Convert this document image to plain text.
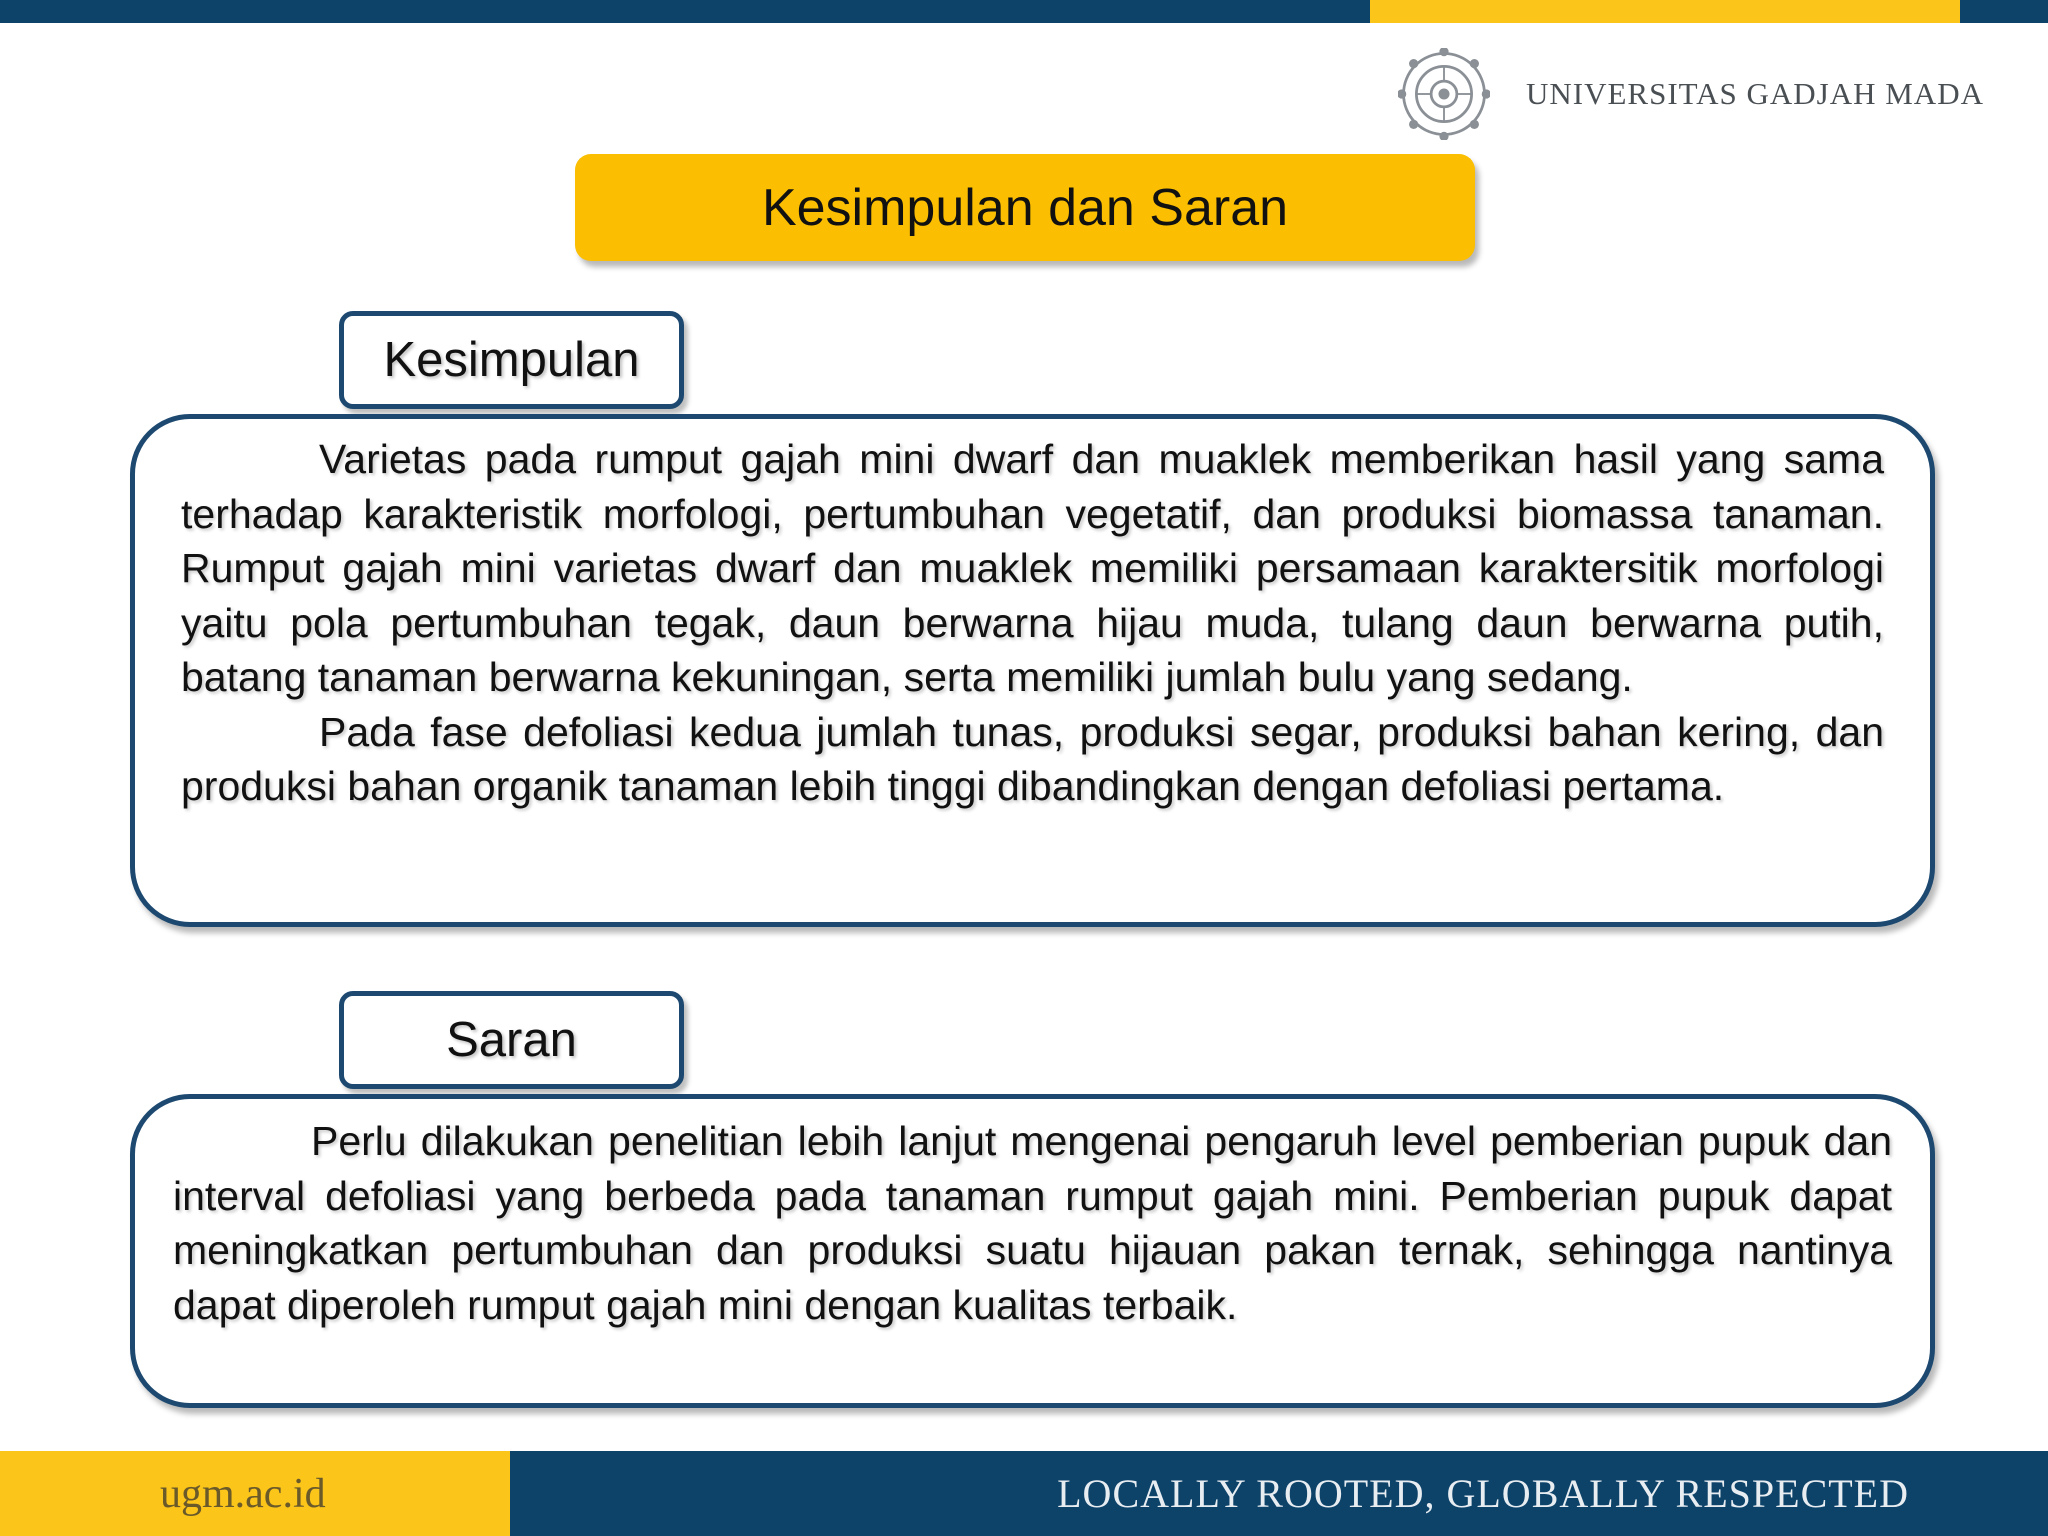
UNIVERSITAS GADJAH MADA
Kesimpulan dan Saran
Kesimpulan

Varietas pada rumput gajah mini dwarf dan muaklek memberikan hasil yang sama terhadap karakteristik morfologi, pertumbuhan vegetatif, dan produksi biomassa tanaman. Rumput gajah mini varietas dwarf dan muaklek memiliki persamaan karaktersitik morfologi yaitu pola pertumbuhan tegak, daun berwarna hijau muda, tulang daun berwarna putih, batang tanaman berwarna kekuningan, serta memiliki jumlah bulu yang sedang.

Pada fase defoliasi kedua jumlah tunas, produksi segar, produksi bahan kering, dan produksi bahan organik tanaman lebih tinggi dibandingkan dengan defoliasi pertama.

Saran

Perlu dilakukan penelitian lebih lanjut mengenai pengaruh level pemberian pupuk dan interval defoliasi yang berbeda pada tanaman rumput gajah mini. Pemberian pupuk dapat meningkatkan pertumbuhan dan produksi suatu hijauan pakan ternak, sehingga nantinya dapat diperoleh rumput gajah mini dengan kualitas terbaik.

ugm.ac.id	LOCALLY ROOTED, GLOBALLY RESPECTED
